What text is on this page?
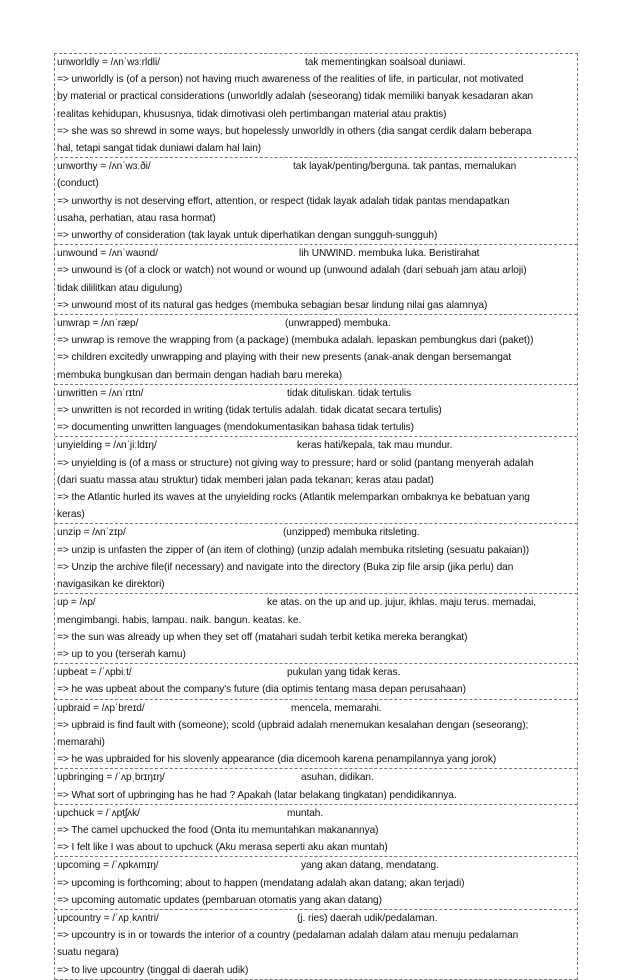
unworldly = /ʌnˈwɜːrldli/	tak mementingkan soalsoal duniawi.
=> unworldly is (of a person) not having much awareness of the realities of life, in particular, not motivated
by material or practical considerations (unworldly adalah (seseorang) tidak memiliki banyak kesadaran akan
realitas kehidupan, khususnya, tidak dimotivasi oleh pertimbangan material atau praktis)
=> she was so shrewd in some ways, but hopelessly unworldly in others (dia sangat cerdik dalam beberapa
hal, tetapi sangat tidak duniawi dalam hal lain)
unworthy = /ʌnˈwɜːði/	tak layak/penting/berguna. tak pantas, memalukan
(conduct)
=> unworthy is not deserving effort, attention, or respect (tidak layak adalah tidak pantas mendapatkan
usaha, perhatian, atau rasa hormat)
=> unworthy of consideration (tak layak untuk diperhatikan dengan sungguh-sungguh)
unwound = /ʌnˈwaʊnd/	lih UNWIND. membuka luka. Beristirahat
=> unwound is (of a clock or watch) not wound or wound up (unwound adalah (dari sebuah jam atau arloji)
tidak dililitkan atau digulung)
=> unwound most of its natural gas hedges (membuka sebagian besar lindung nilai gas alamnya)
unwrap = /ʌnˈræp/	(unwrapped) membuka.
=> unwrap is remove the wrapping from (a package) (membuka adalah. lepaskan pembungkus dari (paket))
=> children excitedly unwrapping and playing with their new presents (anak-anak dengan bersemangat
membuka bungkusan dan bermain dengan hadiah baru mereka)
unwritten = /ʌnˈrɪtn/	tidak dituliskan. tidak tertulis
=> unwritten is not recorded in writing (tidak tertulis adalah. tidak dicatat secara tertulis)
=> documenting unwritten languages (mendokumentasikan bahasa tidak tertulis)
unyielding = /ʌnˈjiːldɪŋ/	keras hati/kepala, tak mau mundur.
=> unyielding is (of a mass or structure) not giving way to pressure; hard or solid (pantang menyerah adalah
(dari suatu massa atau struktur) tidak memberi jalan pada tekanan; keras atau padat)
=> the Atlantic hurled its waves at the unyielding rocks (Atlantik melemparkan ombaknya ke bebatuan yang
keras)
unzip = /ʌnˈzɪp/	(unzipped) membuka ritsleting.
=> unzip is unfasten the zipper of (an item of clothing) (unzip adalah membuka ritsleting (sesuatu pakaian))
=> Unzip the archive file(if necessary) and navigate into the directory (Buka zip file arsip (jika perlu) dan
navigasikan ke direktori)
up = /ʌp/	ke atas. on the up and up. jujur, ikhlas. maju terus. memadai,
mengimbangi. habis, lampau. naik. bangun. keatas. ke.
=> the sun was already up when they set off (matahari sudah terbit ketika mereka berangkat)
=> up to you (terserah kamu)
upbeat = /ˈʌpbiːt/	pukulan yang tidak keras.
=> he was upbeat about the company's future (dia optimis tentang masa depan perusahaan)
upbraid = /ʌpˈbreɪd/	mencela, memarahi.
=> upbraid is find fault with (someone); scold (upbraid adalah menemukan kesalahan dengan (seseorang);
memarahi)
=> he was upbraided for his slovenly appearance (dia dicemooh karena penampilannya yang jorok)
upbringing = /ˈʌpˌbrɪŋɪŋ/	asuhan, didikan.
=> What sort of upbringing has he had ? Apakah (latar belakang tingkatan) pendidikannya.
upchuck = /ˈʌptʃʌk/	muntah.
=> The camel upchucked the food (Onta itu memuntahkan makanannya)
=> I felt like I was about to upchuck (Aku merasa seperti aku akan muntah)
upcoming = /ˈʌpkʌmɪŋ/	yang akan datang, mendatang.
=> upcoming is forthcoming; about to happen (mendatang adalah akan datang; akan terjadi)
=> upcoming automatic updates (pembaruan otomatis yang akan datang)
upcountry = /ˈʌpˌkʌntri/	(j. ries) daerah udik/pedalaman.
=> upcountry is in or towards the interior of a country (pedalaman adalah dalam atau menuju pedalaman
suatu negara)
=> to live upcountry (tinggal di daerah udik)
